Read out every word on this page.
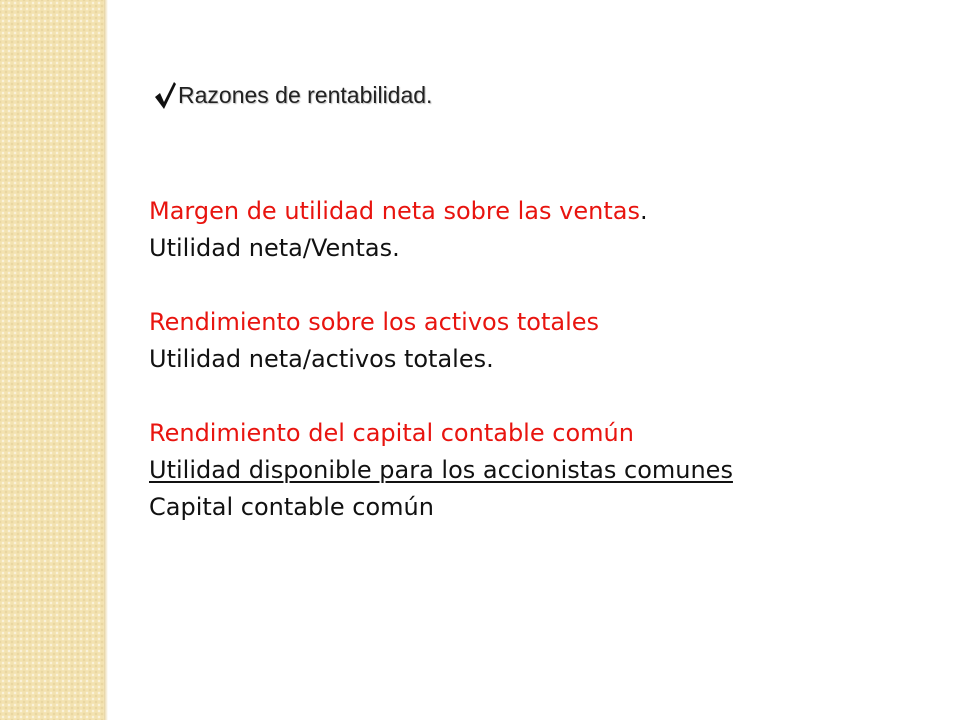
Razones de rentabilidad.
Margen de utilidad neta sobre las ventas.
Utilidad neta/Ventas.
Rendimiento sobre los activos totales
Utilidad neta/activos totales.
Rendimiento del capital contable común
Utilidad disponible para los accionistas comunes
Capital contable común
